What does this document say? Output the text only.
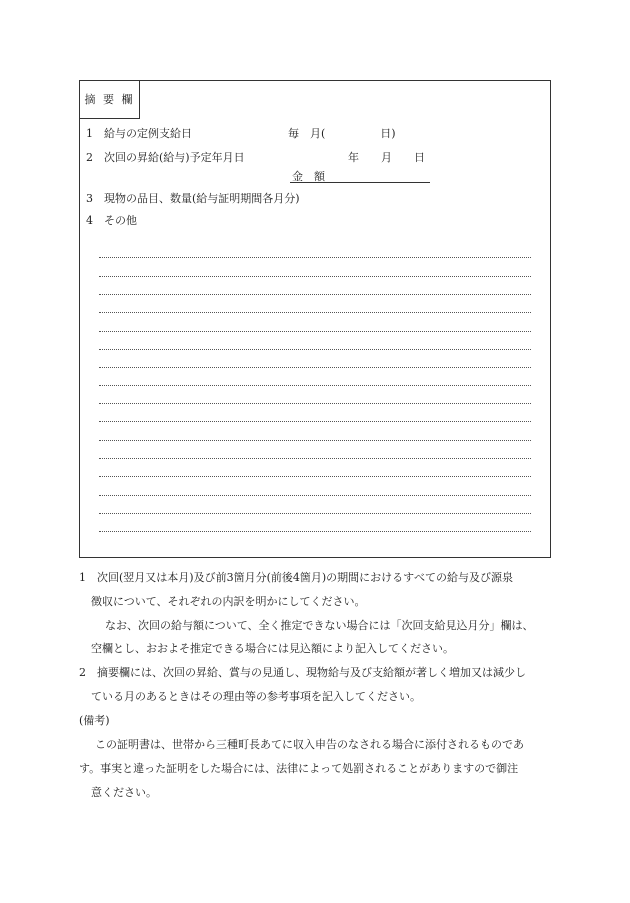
摘 要 欄
1　給与の定例支給日	毎　月(　　　　　日)
2　次回の昇給(給与)予定年月日	年　　月　　日
金　額
3　現物の品目、数量(給与証明期間各月分)
4　その他
1　次回(翌月又は本月)及び前3箇月分(前後4箇月)の期間におけるすべての給与及び源泉
徴収について、それぞれの内訳を明かにしてください。
なお、次回の給与額について、全く推定できない場合には「次回支給見込月分」欄は、
空欄とし、おおよそ推定できる場合には見込額により記入してください。
2　摘要欄には、次回の昇給、賞与の見通し、現物給与及び支給額が著しく増加又は減少し
ている月のあるときはその理由等の参考事項を記入してください。
(備考)
この証明書は、世帯から三種町長あてに収入申告のなされる場合に添付されるものであ
す。事実と違った証明をした場合には、法律によって処罰されることがありますので御注
意ください。
